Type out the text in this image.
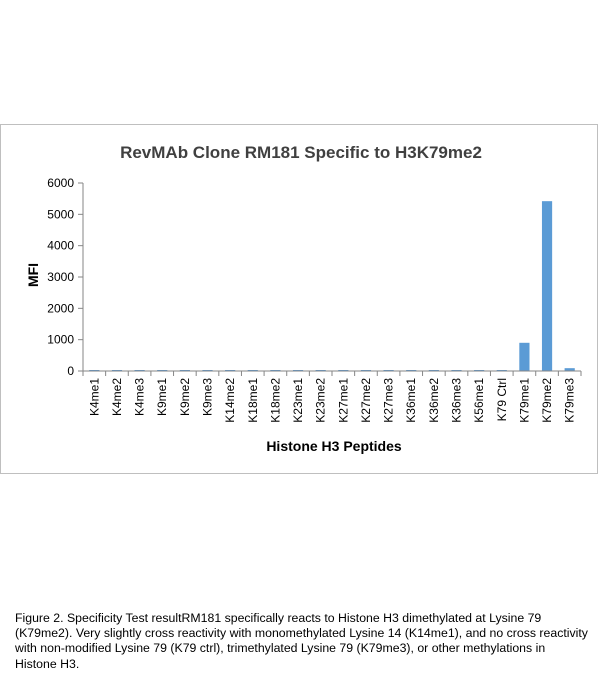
RevMAb Clone RM181 Specific to H3K79me2
MFI
Histone H3 Peptides
0
1000
2000
3000
4000
5000
6000
K4me1 K4me2 K4me3 K9me1 K9me2 K9me3 K14me2 K18me1 K18me2 K23me1 K23me2 K27me1 K27me2 K27me3 K36me1 K36me2 K36me3 K56me1 K79 Ctrl K79me1 K79me2 K79me3
Figure 2. Specificity Test resultRM181 specifically reacts to Histone H3 dimethylated at Lysine 79 (K79me2). Very slightly cross reactivity with monomethylated Lysine 14 (K14me1), and no cross reactivity with non-modified Lysine 79 (K79 ctrl), trimethylated Lysine 79 (K79me3), or other methylations in Histone H3.
